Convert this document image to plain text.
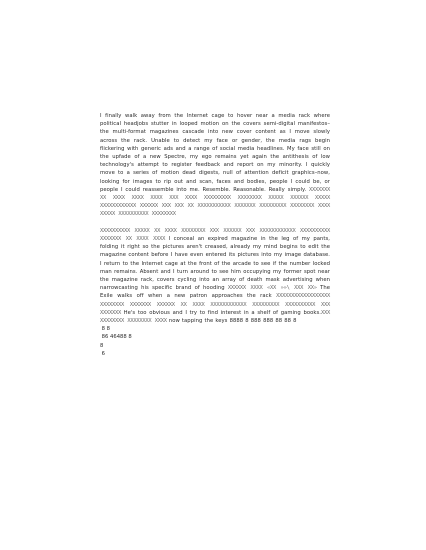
I finally walk away from the Internet cage to hover near a media rack where political headjobs stutter in looped motion on the covers semi-digital manifestos–the multi-format magazines cascade into new cover content as I move slowly across the rack. Unable to detect my face or gender, the media rags begin flickering with generic ads and a range of social media headlines. My face still on the upfade of a new Spectre, my ego remains yet again the antithesis of low technology's attempt to register feedback and report on my minority. I quickly move to a series of motion dead digests, null of attention deficit graphics–now, looking for images to rip out and scan, faces and bodies, people I could be, or people I could reassemble into me. Resemble. Reasonable. Really simply. XXXXXXX XX XXXX XXXX XXXX XXX XXXX XXXXXXXXX XXXXXXXX XXXXX XXXXXX XXXXX XXXXXXXXXXXX XXXXXX XXX XXX XX XXXXXXXXXXX XXXXXXX XXXXXXXXX XXXXXXXX XXXX XXXXX XXXXXXXXXX XXXXXXXX

XXXXXXXXXX XXXXX XX XXXX XXXXXXXX XXX XXXXXX XXX XXXXXXXXXXXX XXXXXXXXXX XXXXXXX XX XXXX XXXX I conceal an expired magazine in the leg of my pants, folding it right so the pictures aren't creased, already my mind begins to edit the magazine content before I have even entered its pictures into my image database. I return to the Internet cage at the front of the arcade to see if the number locked man remains. Absent and I turn around to see him occupying my former spot near the magazine rack, covers cycling into an array of death mask advertising when narrowcasting his specific brand of hooding XXXXXX XXXX «XX »»\ XXX XX» The Exile walks off when a new patron approaches the rack XXXXXXXXXXXXXXXXXX XXXXXXXX XXXXXXX XXXXXX XX XXXX XXXXXXXXXXXX XXXXXXXXX XXXXXXXXXX XXX XXXXXXX He's too obvious and I try to find interest in a shelf of gaming books.XXX XXXXXXXX XXXXXXXX XXXX now tapping the keys 8888 8 888 888 88 88 8

8 8

86 46488 8

8

6
